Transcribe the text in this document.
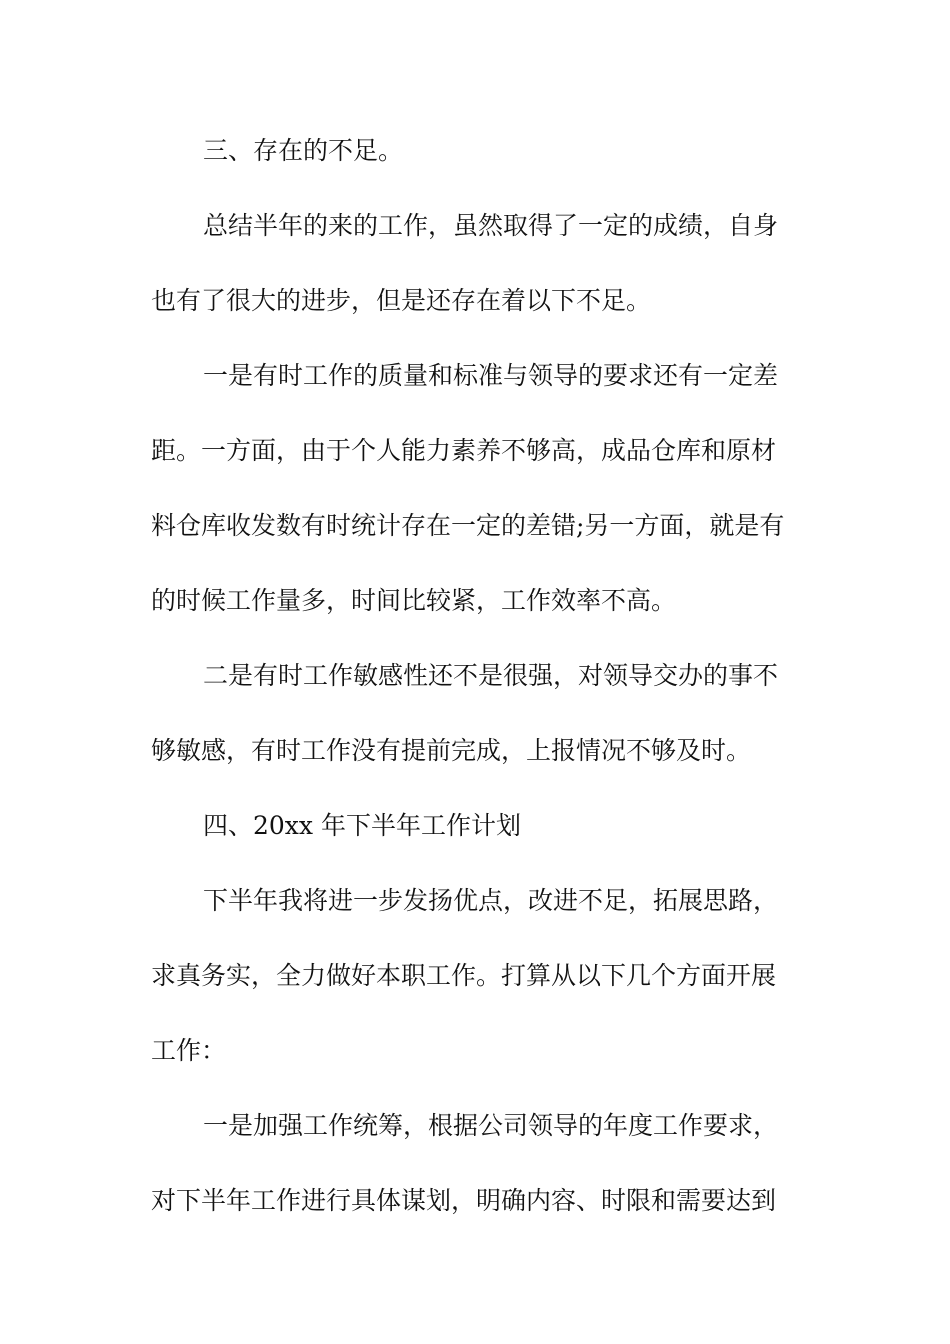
三、存在的不足。
总结半年的来的工作，虽然取得了一定的成绩，自身
也有了很大的进步，但是还存在着以下不足。
一是有时工作的质量和标准与领导的要求还有一定差
距。一方面，由于个人能力素养不够高，成品仓库和原材
料仓库收发数有时统计存在一定的差错;另一方面，就是有
的时候工作量多，时间比较紧，工作效率不高。
二是有时工作敏感性还不是很强，对领导交办的事不
够敏感，有时工作没有提前完成，上报情况不够及时。
四、20xx 年下半年工作计划
下半年我将进一步发扬优点，改进不足，拓展思路，
求真务实，全力做好本职工作。打算从以下几个方面开展
工作：
一是加强工作统筹，根据公司领导的年度工作要求，
对下半年工作进行具体谋划，明确内容、时限和需要达到
